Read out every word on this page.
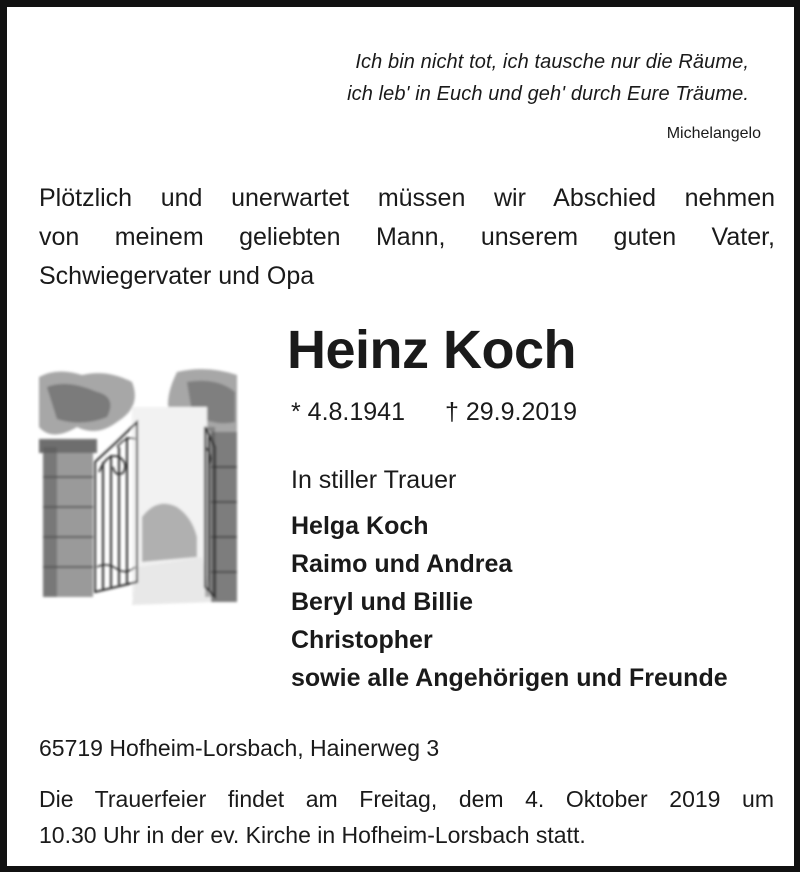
Ich bin nicht tot, ich tausche nur die Räume,
ich leb' in Euch und geh' durch Eure Träume.
Michelangelo
Plötzlich und unerwartet müssen wir Abschied nehmen
von meinem geliebten Mann, unserem guten Vater,
Schwiegervater und Opa
Heinz Koch
* 4.8.1941 † 29.9.2019
In stiller Trauer
Helga Koch
Raimo und Andrea
Beryl und Billie
Christopher
sowie alle Angehörigen und Freunde
65719 Hofheim-Lorsbach, Hainerweg 3
Die Trauerfeier findet am Freitag, dem 4. Oktober 2019 um
10.30 Uhr in der ev. Kirche in Hofheim-Lorsbach statt.
